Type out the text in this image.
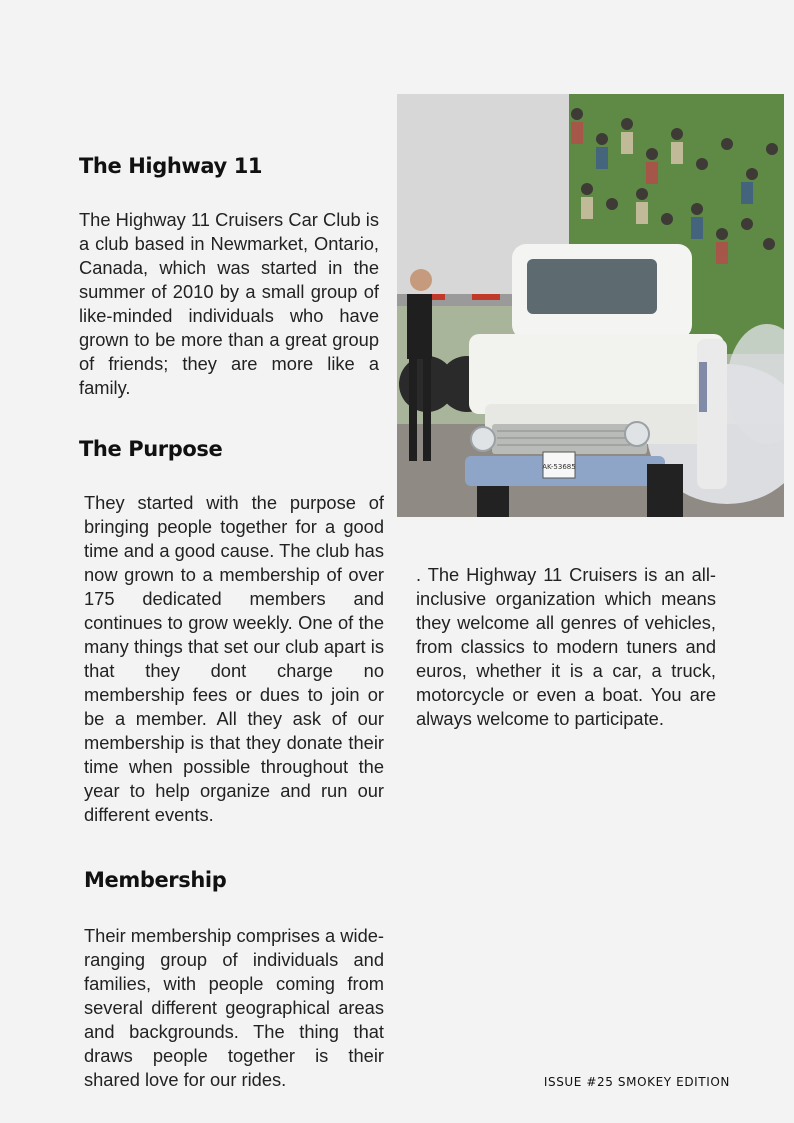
The Highway 11

The Highway 11 Cruisers Car Club is a club based in Newmarket, Ontario, Canada, which was started in the summer of 2010 by a small group of like-minded individuals who have grown to be more than a great group of friends; they are more like a family.

The Purpose

They started with the purpose of bringing people together for a good time and a good cause. The club has now grown to a membership of over 175 dedicated members and continues to grow weekly. One of the many things that set our club apart is that they dont charge no membership fees or dues to join or be a member. All they ask of our membership is that they donate their time when possible throughout the year to help organize and run our different events.

Membership

Their membership comprises a wide-ranging group of individuals and families, with people coming from several different geographical areas and backgrounds. The thing that draws people together is their shared love for our rides.

AK-53685

. The Highway 11 Cruisers is an all-inclusive organization which means they welcome all genres of vehicles, from classics to modern tuners and euros, whether it is a car, a truck, motorcycle or even a boat. You are always welcome to participate.

ISSUE #25 SMOKEY EDITION
